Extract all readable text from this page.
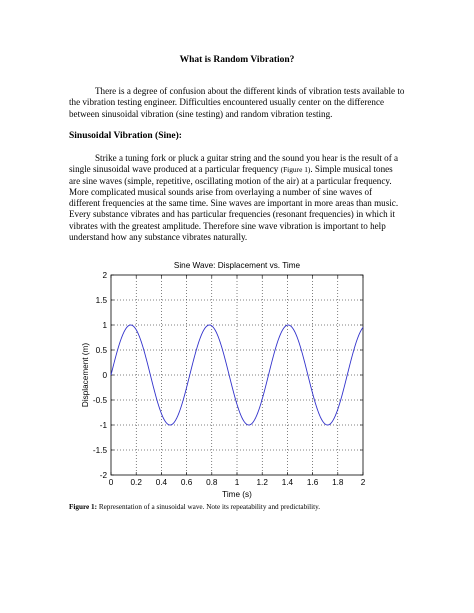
What is Random Vibration?

There is a degree of confusion about the different kinds of vibration tests available to the vibration testing engineer. Difficulties encountered usually center on the difference between sinusoidal vibration (sine testing) and random vibration testing.

Sinusoidal Vibration (Sine):

Strike a tuning fork or pluck a guitar string and the sound you hear is the result of a single sinusoidal wave produced at a particular frequency (Figure 1). Simple musical tones are sine waves (simple, repetitive, oscillating motion of the air) at a particular frequency. More complicated musical sounds arise from overlaying a number of sine waves of different frequencies at the same time. Sine waves are important in more areas than music. Every substance vibrates and has particular frequencies (resonant frequencies) in which it vibrates with the greatest amplitude. Therefore sine wave vibration is important to help understand how any substance vibrates naturally.

Sine Wave: Displacement vs. Time
Time (s)
Displacement (m)
0 0.2 0.4 0.6 0.8 1 1.2 1.4 1.6 1.8 2
2
1.5
1
0.5
0
-0.5
-1
-1.5
-2

Figure 1: Representation of a sinusoidal wave. Note its repeatability and predictability.
